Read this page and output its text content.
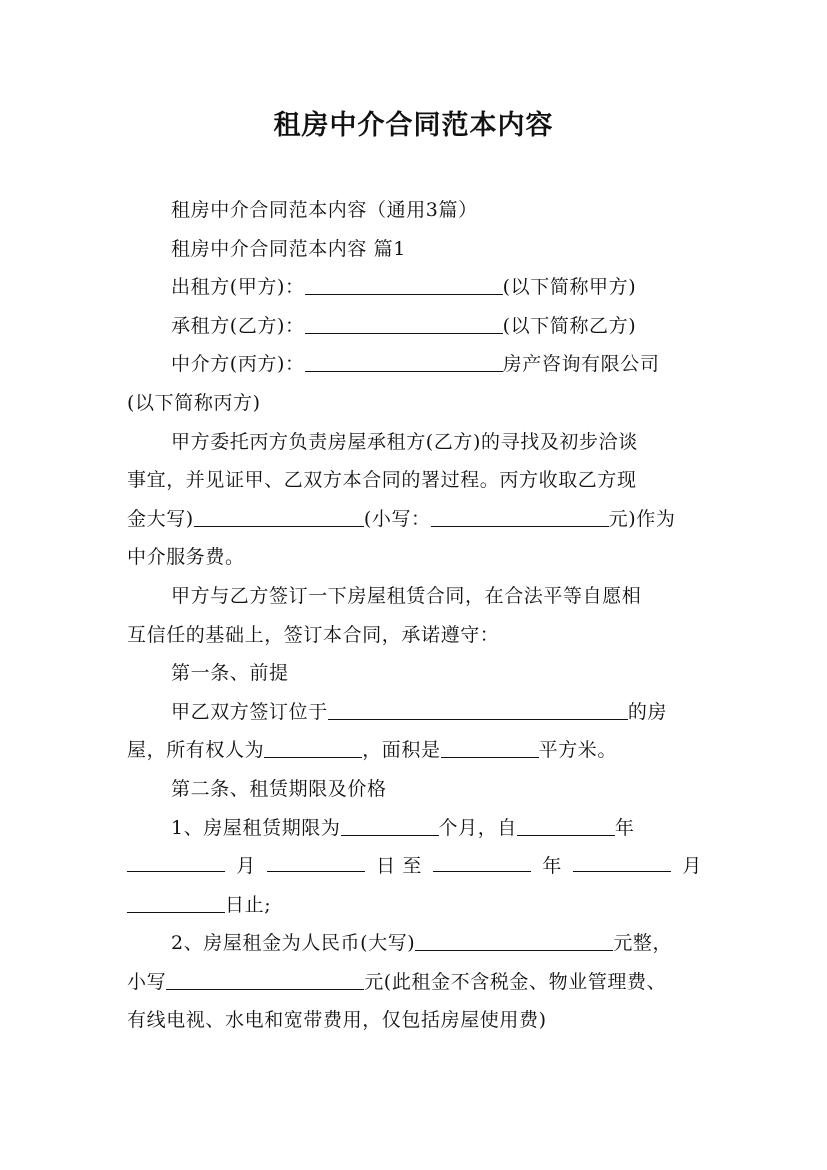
租房中介合同范本内容
租房中介合同范本内容（通用3篇）
租房中介合同范本内容 篇1
出租方(甲方)：	(以下简称甲方)
承租方(乙方)：	(以下简称乙方)
中介方(丙方)：	房产咨询有限公司
(以下简称丙方)
甲方委托丙方负责房屋承租方(乙方)的寻找及初步洽谈
事宜，并见证甲、乙双方本合同的署过程。丙方收取乙方现
金大写)	(小写：	元)作为
中介服务费。
甲方与乙方签订一下房屋租赁合同，在合法平等自愿相
互信任的基础上，签订本合同，承诺遵守：
第一条、前提
甲乙双方签订位于	的房
屋，所有权人为	，面积是	平方米。
第二条、租赁期限及价格
1、房屋租赁期限为	个月，自	年
月	日 至	年	月
日止;
2、房屋租金为人民币(大写)	元整，
小写	元(此租金不含税金、物业管理费、
有线电视、水电和宽带费用，仅包括房屋使用费)
